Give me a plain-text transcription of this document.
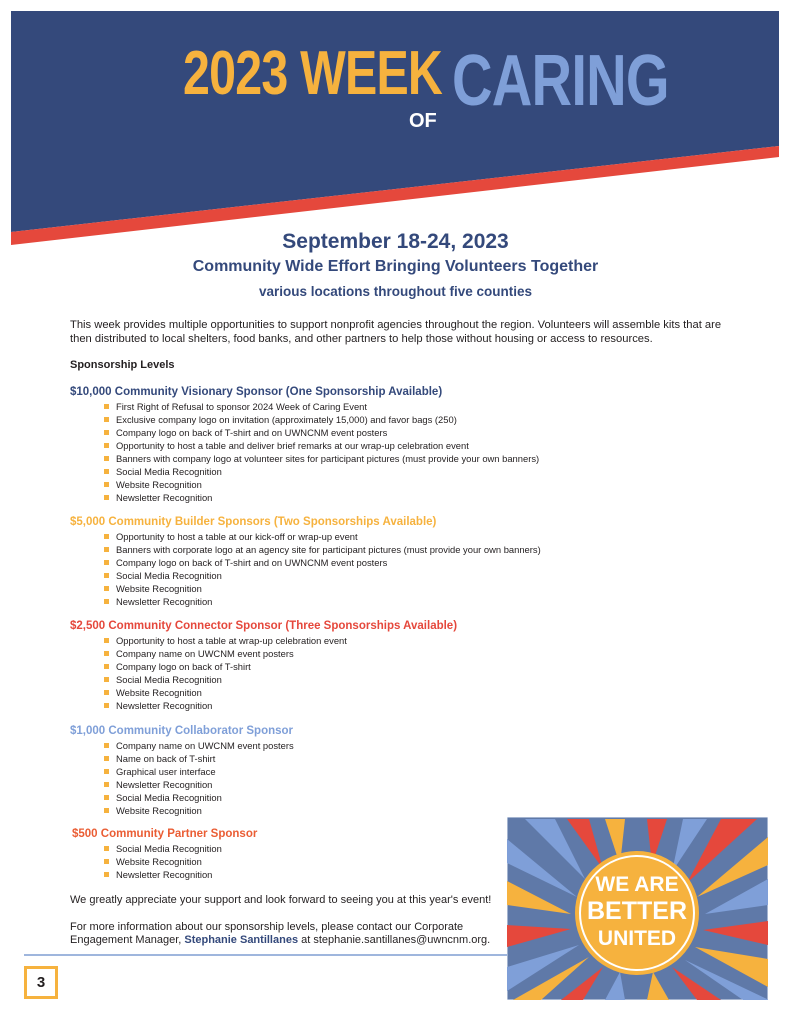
2023 WEEK
OF CARING
September 18-24, 2023
Community Wide Effort Bringing Volunteers Together
various locations throughout five counties

This week provides multiple opportunities to support nonprofit agencies throughout the region. Volunteers will assemble kits that are then distributed to local shelters, food banks, and other partners to help those without housing or access to resources.

Sponsorship Levels
$10,000 Community Visionary Sponsor (One Sponsorship Available)
First Right of Refusal to sponsor 2024 Week of Caring Event
Exclusive company logo on invitation (approximately 15,000) and favor bags (250)
Company logo on back of T-shirt and on UWNCNM event posters
Opportunity to host a table and deliver brief remarks at our wrap-up celebration event
Banners with company logo at volunteer sites for participant pictures (must provide your own banners)
Social Media Recognition
Website Recognition
Newsletter Recognition
$5,000 Community Builder Sponsors (Two Sponsorships Available)
Opportunity to host a table at our kick-off or wrap-up event
Banners with corporate logo at an agency site for participant pictures (must provide your own banners)
Company logo on back of T-shirt and on UWNCNM event posters
Social Media Recognition
Website Recognition
Newsletter Recognition
$2,500 Community Connector Sponsor (Three Sponsorships Available)
Opportunity to host a table at wrap-up celebration event
Company name on UWCNM event posters
Company logo on back of T-shirt
Social Media Recognition
Website Recognition
Newsletter Recognition
$1,000 Community Collaborator Sponsor
Company name on UWCNM event posters
Name on back of T-shirt
Graphical user interface
Newsletter Recognition
Social Media Recognition
Website Recognition
$500 Community Partner Sponsor
Social Media Recognition
Website Recognition
Newsletter Recognition
We greatly appreciate your support and look forward to seeing you at this year's event!
For more information about our sponsorship levels, please contact our Corporate Engagement Manager, Stephanie Santillanes at stephanie.santillanes@uwncnm.org.
3
WE ARE
BETTER
UNITED
